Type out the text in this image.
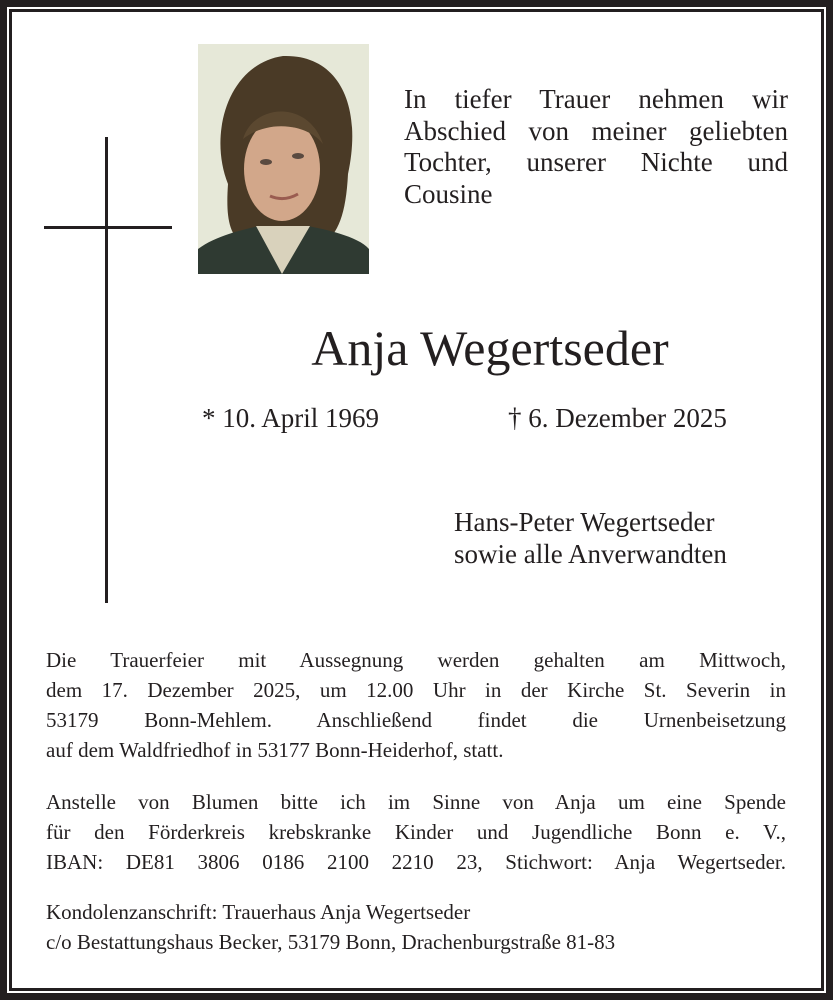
In tiefer Trauer nehmen wir
Abschied von meiner geliebten
Tochter, unserer Nichte und
Cousine
Anja Wegertseder
* 10. April 1969	† 6. Dezember 2025
Hans-Peter Wegertseder
sowie alle Anverwandten
Die Trauerfeier mit Aussegnung werden gehalten am Mittwoch,
dem 17. Dezember 2025, um 12.00 Uhr in der Kirche St. Severin in
53179 Bonn-Mehlem. Anschließend findet die Urnenbeisetzung
auf dem Waldfriedhof in 53177 Bonn-Heiderhof, statt.
Anstelle von Blumen bitte ich im Sinne von Anja um eine Spende
für den Förderkreis krebskranke Kinder und Jugendliche Bonn e. V.,
IBAN: DE81 3806 0186 2100 2210 23, Stichwort: Anja Wegertseder.
Kondolenzanschrift: Trauerhaus Anja Wegertseder
c/o Bestattungshaus Becker, 53179 Bonn, Drachenburgstraße 81-83
